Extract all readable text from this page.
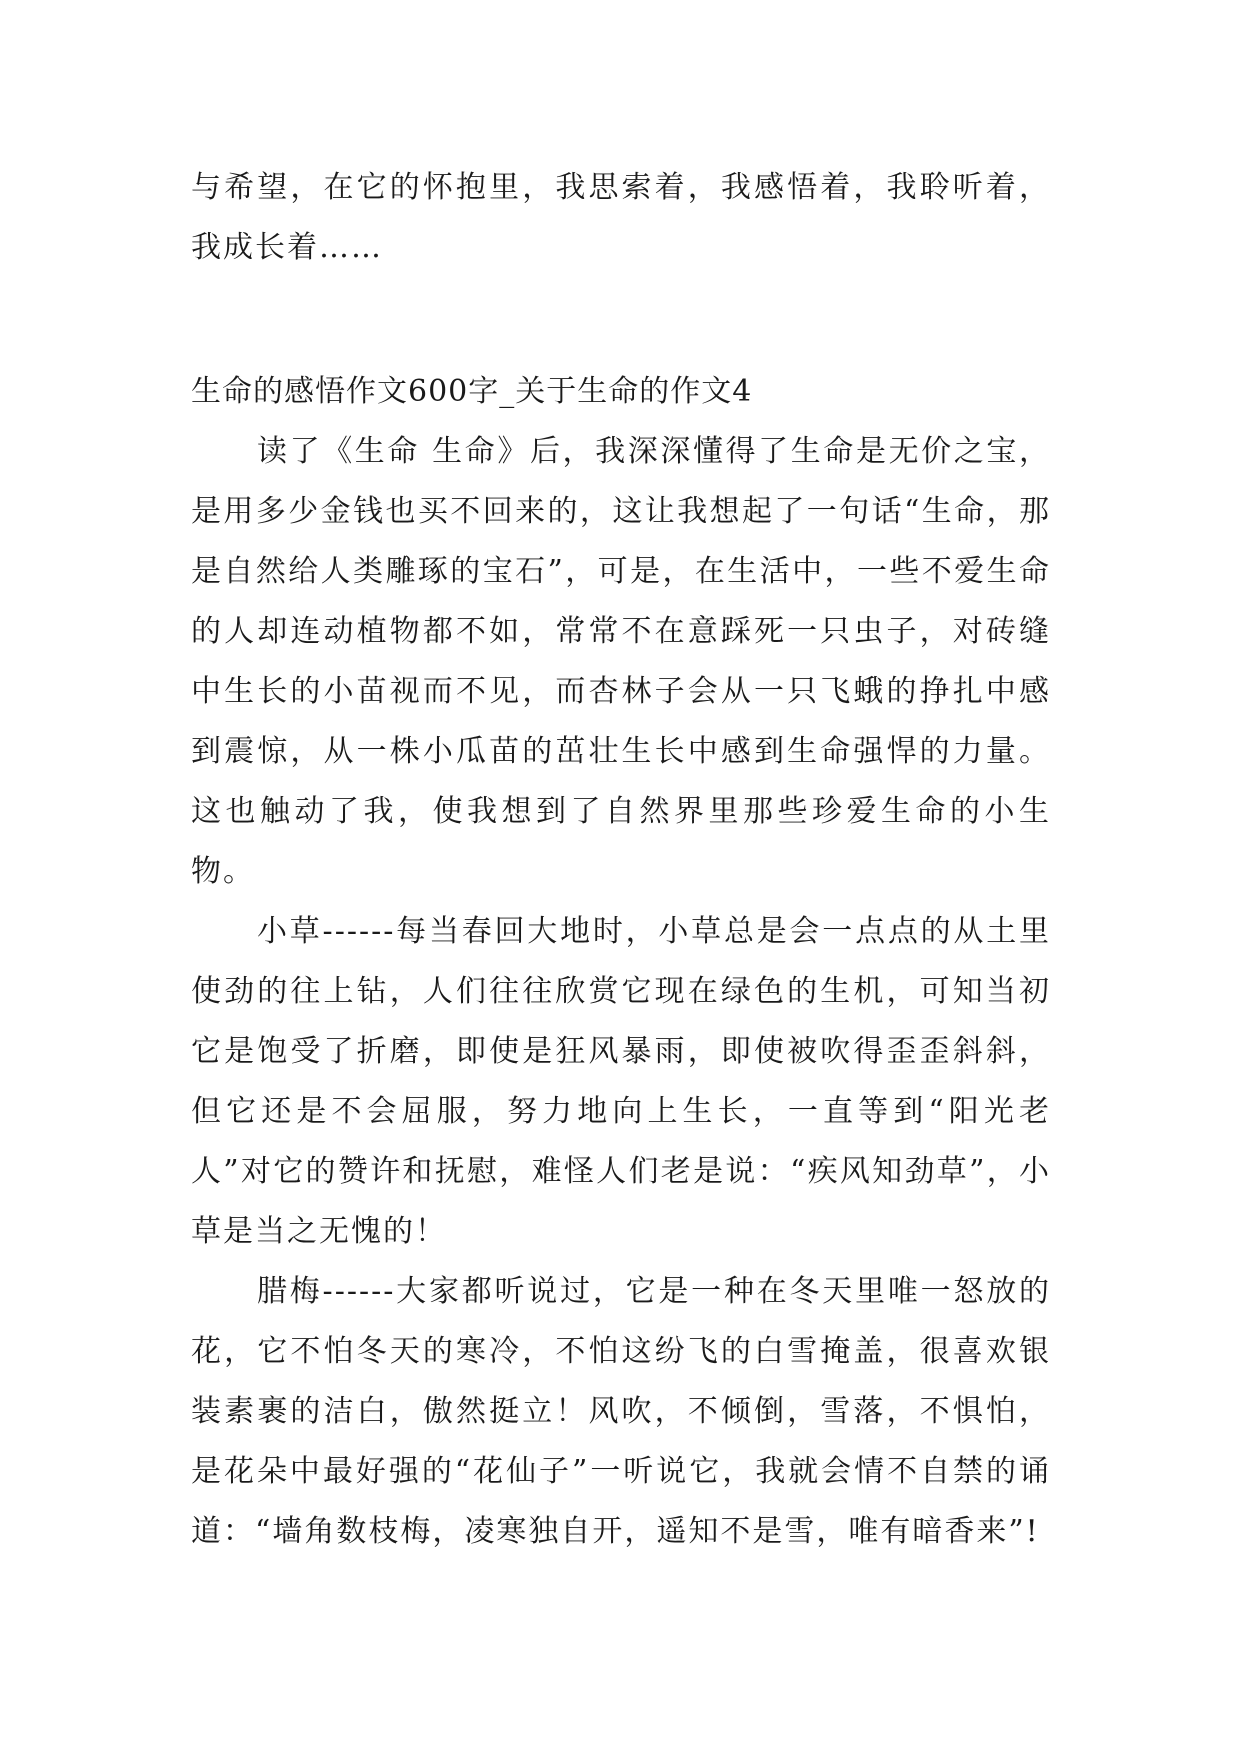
与希望，在它的怀抱里，我思索着，我感悟着，我聆听着，我成长着……

生命的感悟作文600字_关于生命的作文4

读了《生命 生命》后，我深深懂得了生命是无价之宝，是用多少金钱也买不回来的，这让我想起了一句话“生命，那是自然给人类雕琢的宝石”，可是，在生活中，一些不爱生命的人却连动植物都不如，常常不在意踩死一只虫子，对砖缝中生长的小苗视而不见，而杏林子会从一只飞蛾的挣扎中感到震惊，从一株小瓜苗的茁壮生长中感到生命强悍的力量。这也触动了我，使我想到了自然界里那些珍爱生命的小生物。

小草------每当春回大地时，小草总是会一点点的从土里使劲的往上钻，人们往往欣赏它现在绿色的生机，可知当初它是饱受了折磨，即使是狂风暴雨，即使被吹得歪歪斜斜，但它还是不会屈服，努力地向上生长，一直等到“阳光老人”对它的赞许和抚慰，难怪人们老是说：“疾风知劲草”，小草是当之无愧的！

腊梅------大家都听说过，它是一种在冬天里唯一怒放的花，它不怕冬天的寒冷，不怕这纷飞的白雪掩盖，很喜欢银装素裹的洁白，傲然挺立！风吹，不倾倒，雪落，不惧怕，是花朵中最好强的“花仙子”一听说它，我就会情不自禁的诵道：“墙角数枝梅，凌寒独自开，遥知不是雪，唯有暗香来”!
